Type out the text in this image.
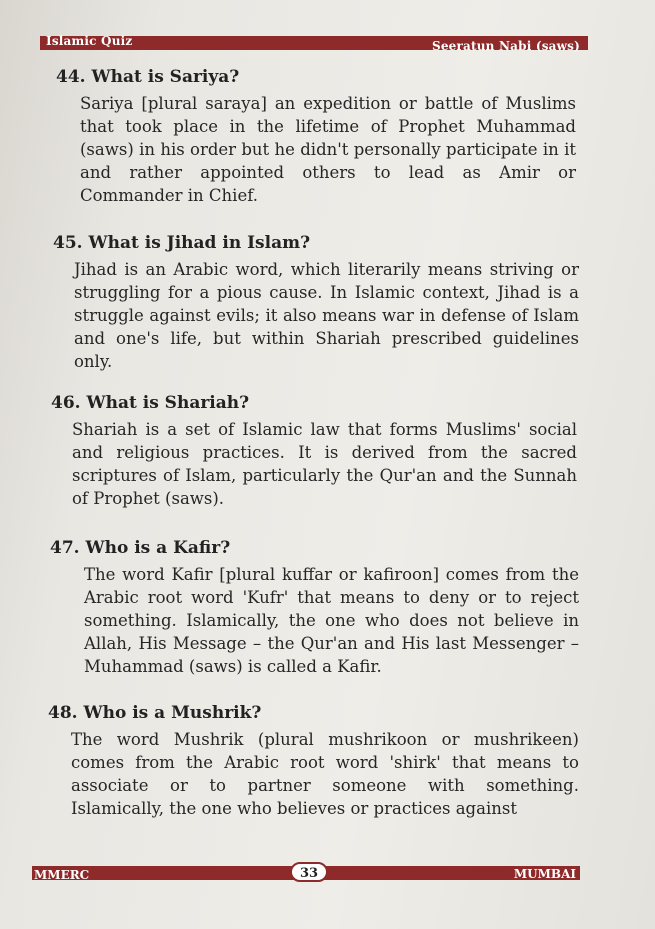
Islamic Quiz	Seeratun Nabi (saws)

44. What is Sariya?

Sariya [plural saraya] an expedition or battle of Muslims that took place in the lifetime of Prophet Muhammad (saws) in his order but he didn't personally participate in it and rather appointed others to lead as Amir or Commander in Chief.

45. What is Jihad in Islam?

Jihad is an Arabic word, which literarily means striving or struggling for a pious cause. In Islamic context, Jihad is a struggle against evils; it also means war in defense of Islam and one's life, but within Shariah prescribed guidelines only.

46. What is Shariah?

Shariah is a set of Islamic law that forms Muslims' social and religious practices. It is derived from the sacred scriptures of Islam, particularly the Qur'an and the Sunnah of Prophet (saws).

47. Who is a Kafir?

The word Kafir [plural kuffar or kafiroon] comes from the Arabic root word 'Kufr' that means to deny or to reject something. Islamically, the one who does not believe in Allah, His Message – the Qur'an and His last Messenger – Muhammad (saws) is called a Kafir.

48. Who is a Mushrik?

The word Mushrik (plural mushrikoon or mushrikeen) comes from the Arabic root word 'shirk' that means to associate or to partner someone with something. Islamically, the one who believes or practices against

MMERC	33	MUMBAI
